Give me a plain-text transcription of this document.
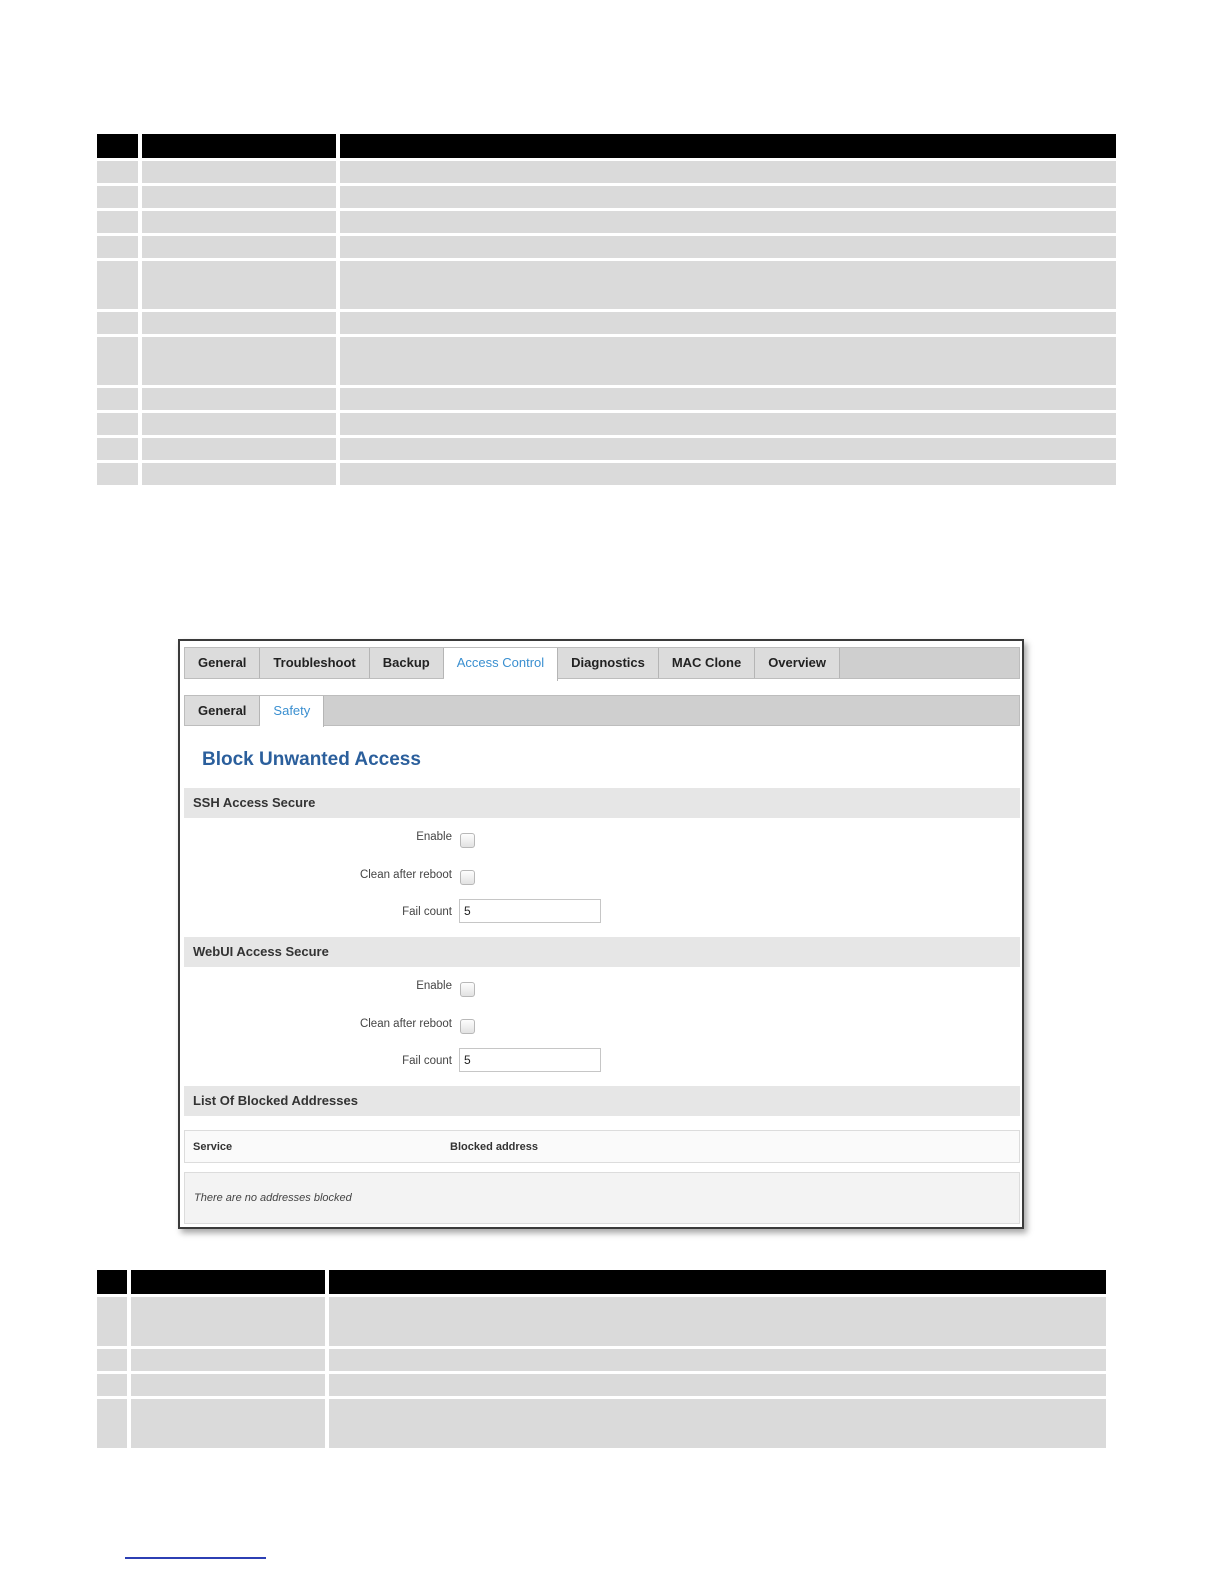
General	Troubleshoot	Backup	Access Control	Diagnostics	MAC Clone	Overview
General	Safety
Block Unwanted Access
SSH Access Secure
Enable
Clean after reboot
Fail count
5
WebUI Access Secure
Enable
Clean after reboot
Fail count
5
List Of Blocked Addresses
Service	Blocked address
There are no addresses blocked
